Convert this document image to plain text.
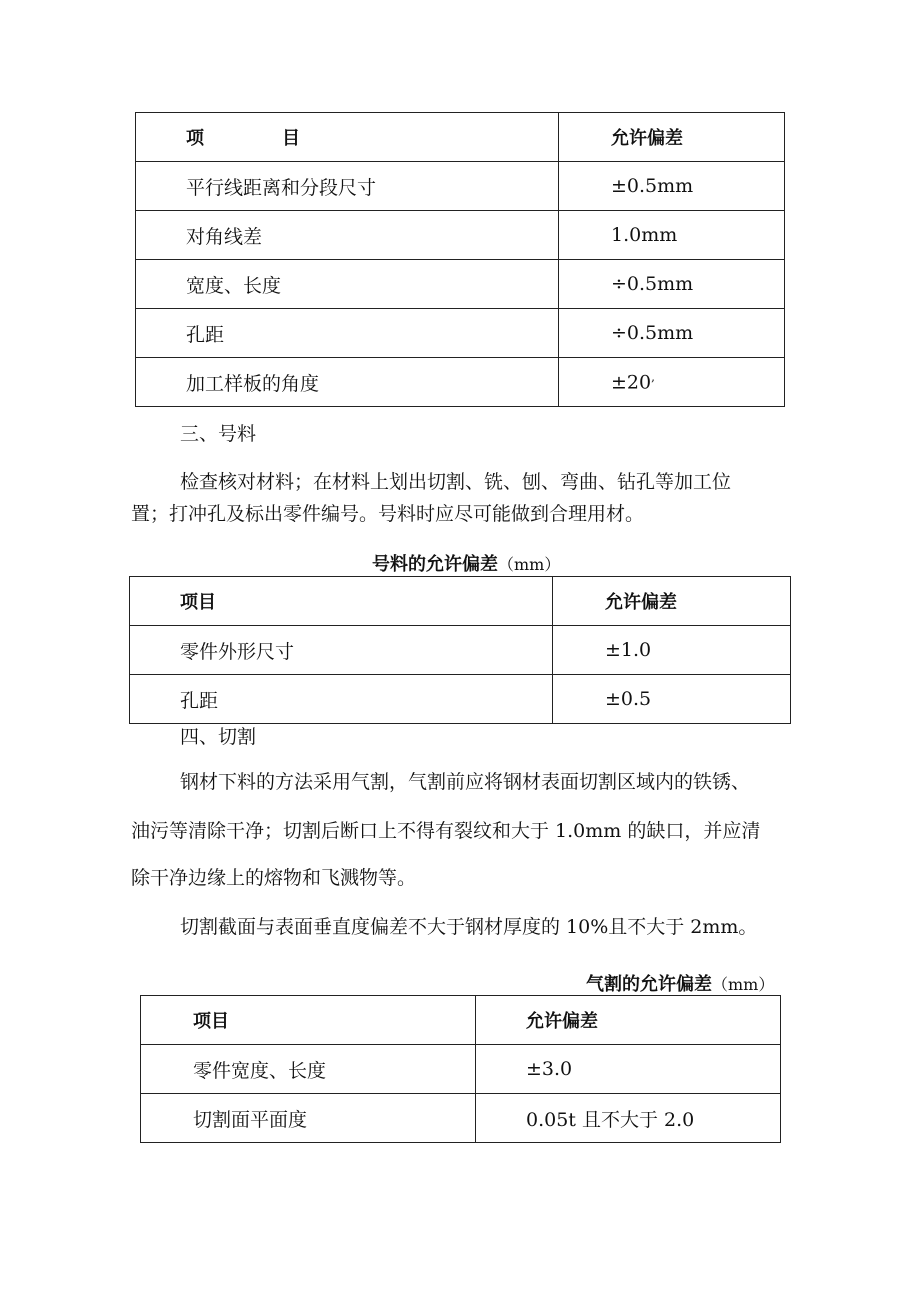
项 目	允许偏差
平行线距离和分段尺寸	±0.5mm
对角线差	1.0mm
宽度、长度	÷0.5mm
孔距	÷0.5mm
加工样板的角度	±20,

三、号料

检查核对材料；在材料上划出切割、铣、刨、弯曲、钻孔等加工位

置；打冲孔及标出零件编号。号料时应尽可能做到合理用材。

号料的允许偏差（mm）
项目	允许偏差
零件外形尺寸	±1.0
孔距	±0.5

四、切割

钢材下料的方法采用气割，气割前应将钢材表面切割区域内的铁锈、

油污等清除干净；切割后断口上不得有裂纹和大于 1.0mm 的缺口，并应清

除干净边缘上的熔物和飞溅物等。

切割截面与表面垂直度偏差不大于钢材厚度的 10%且不大于 2mm。

气割的允许偏差（mm）
项目	允许偏差
零件宽度、长度	±3.0
切割面平面度	0.05t 且不大于 2.0
